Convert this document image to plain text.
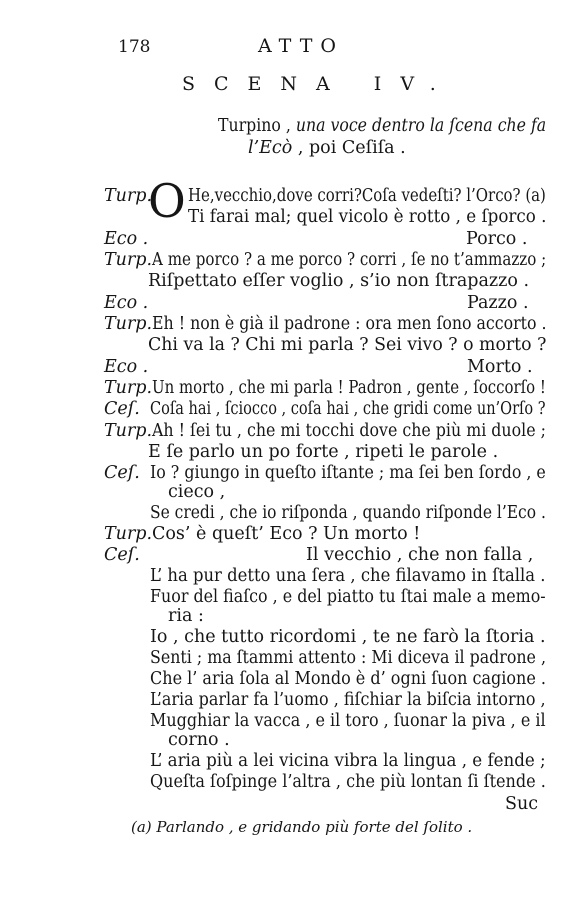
178	ATTO
SCENA IV.
Turpino , una voce dentro la ſcena che fa
l’Ecò , poi Ceſiſa .
Turp.
O He,vecchio,dove corri?Coſa vedeſti? l’Orco? (a)
Ti farai mal; quel vicolo è rotto , e ſporco .
Eco .	Porco .
Turp. A me porco ? a me porco ? corri , ſe no t’ammazzo ;
Riſpettato eſſer voglio , s’io non ſtrapazzo .
Eco .	Pazzo .
Turp. Eh ! non è già il padrone : ora men ſono accorto .
Chi va la ? Chi mi parla ? Sei vivo ? o morto ?
Eco .	Morto .
Turp. Un morto , che mi parla ! Padron , gente , ſoccorſo !
Ceſ. Coſa hai , ſciocco , coſa hai , che gridi come un’Orſo ?
Turp. Ah ! ſei tu , che mi tocchi dove che più mi duole ;
E ſe parlo un po forte , ripeti le parole .
Ceſ. Io ? giungo in queſto iſtante ; ma ſei ben ſordo , e
cieco ,
Se credi , che io riſponda , quando riſponde l’Eco .
Turp. Cos’ è queſt’ Eco ? Un morto !
Ceſ.	Il vecchio , che non falla ,
L’ ha pur detto una ſera , che filavamo in ſtalla .
Fuor del fiaſco , e del piatto tu ſtai male a memo-
ria :
Io , che tutto ricordomi , te ne farò la ſtoria .
Senti ; ma ſtammi attento : Mi diceva il padrone ,
Che l’ aria ſola al Mondo è d’ ogni ſuon cagione .
L’aria parlar fa l’uomo , fiſchiar la biſcia intorno ,
Mugghiar la vacca , e il toro , ſuonar la piva , e il
corno .
L’ aria più a lei vicina vibra la lingua , e fende ;
Queſta ſoſpinge l’altra , che più lontan ſi ſtende .
Suc
(a) Parlando , e gridando più forte del ſolito .
